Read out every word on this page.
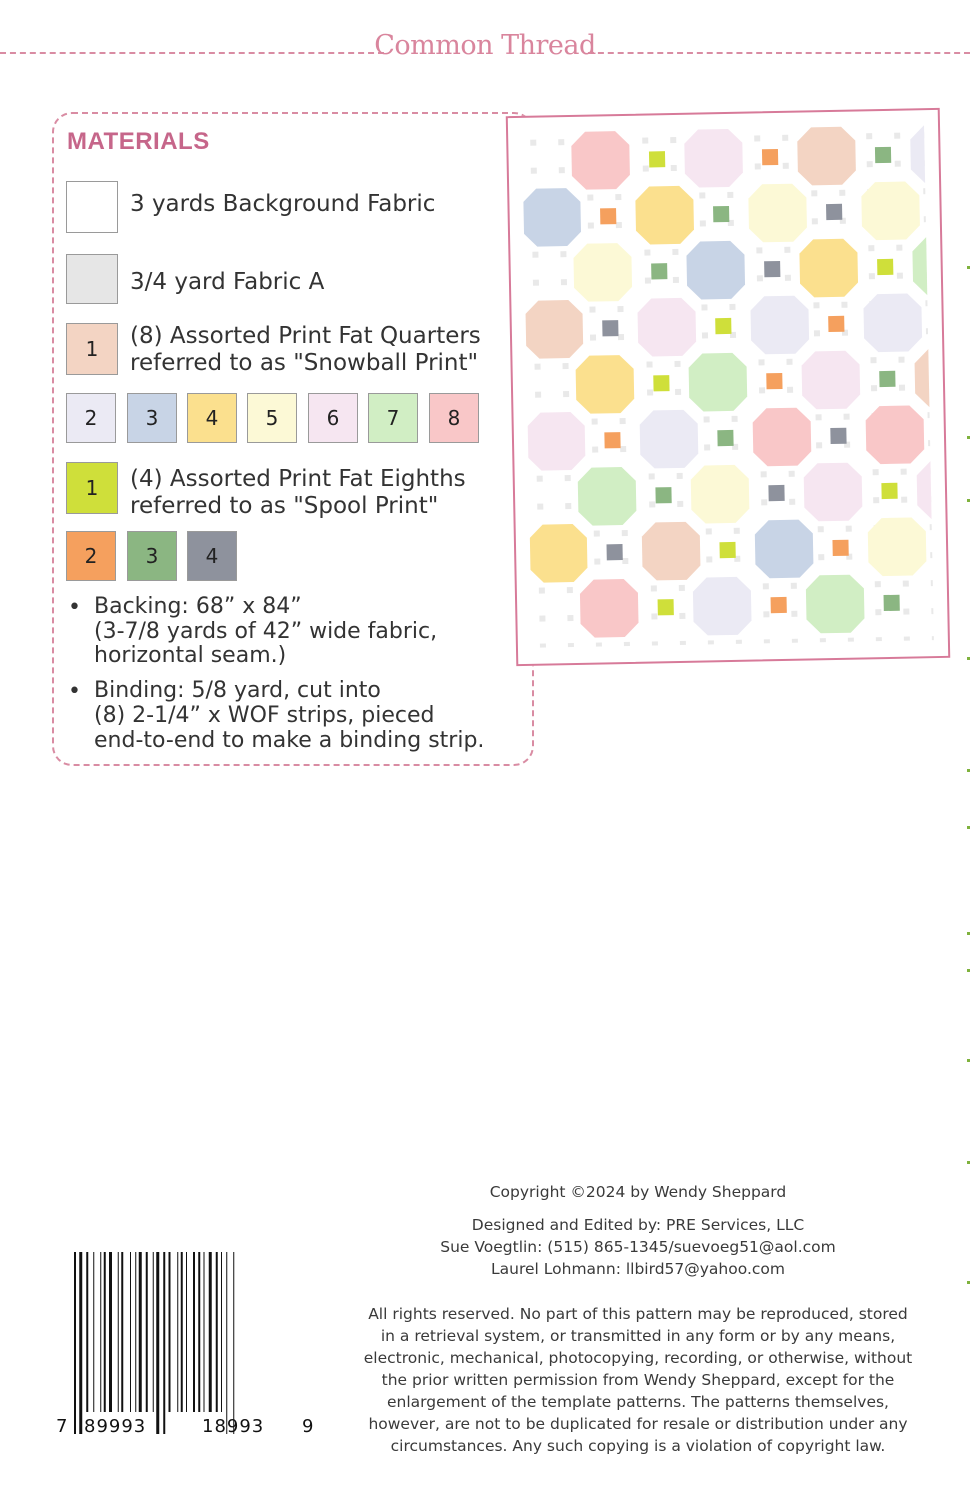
Common Thread
MATERIALS
3 yards Background Fabric
3/4 yard Fabric A
1	(8) Assorted Print Fat Quarters
referred to as "Snowball Print"
2	3	4	5	6	7	8
1	(4) Assorted Print Fat Eighths
referred to as "Spool Print"
2	3	4
• Backing: 68” x 84”
(3-7/8 yards of 42” wide fabric,
horizontal seam.)
• Binding: 5/8 yard, cut into
(8) 2-1/4” x WOF strips, pieced
end-to-end to make a binding strip.
Copyright ©2024 by Wendy Sheppard
Designed and Edited by: PRE Services, LLC
Sue Voegtlin: (515) 865-1345/suevoeg51@aol.com
Laurel Lohmann: llbird57@yahoo.com
All rights reserved. No part of this pattern may be reproduced, stored
in a retrieval system, or transmitted in any form or by any means,
electronic, mechanical, photocopying, recording, or otherwise, without
the prior written permission from Wendy Sheppard, except for the
enlargement of the template patterns. The patterns themselves,
however, are not to be duplicated for resale or distribution under any
circumstances. Any such copying is a violation of copyright law.
7 89993	18993 9
